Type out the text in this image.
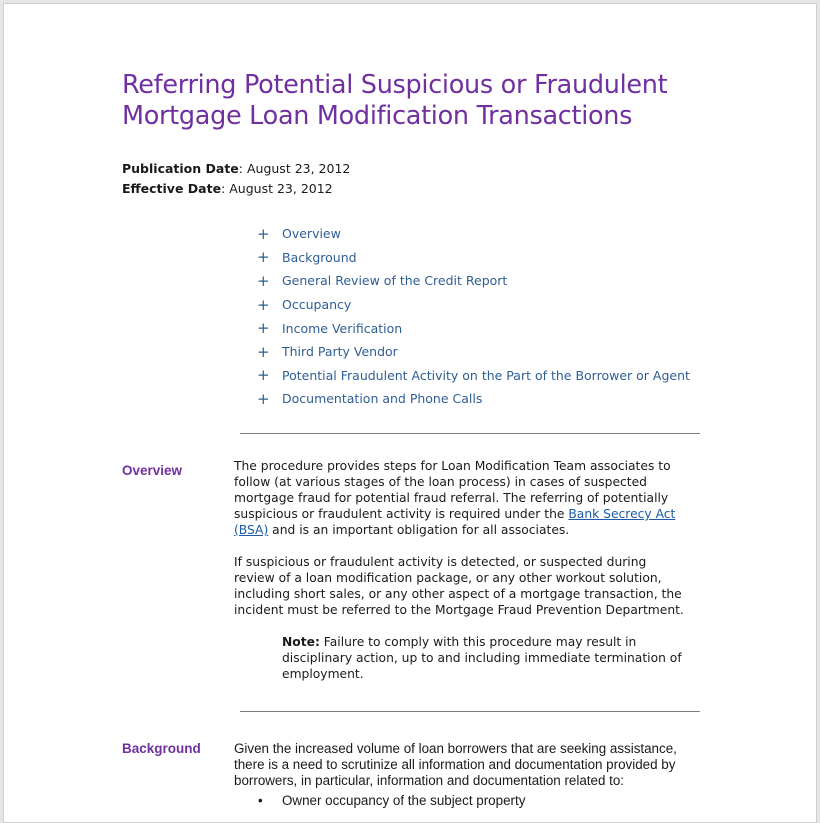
Referring Potential Suspicious or Fraudulent Mortgage Loan Modification Transactions
Publication Date: August 23, 2012
Effective Date: August 23, 2012
+ Overview
+ Background
+ General Review of the Credit Report
+ Occupancy
+ Income Verification
+ Third Party Vendor
+ Potential Fraudulent Activity on the Part of the Borrower or Agent
+ Documentation and Phone Calls
Overview	The procedure provides steps for Loan Modification Team associates to follow (at various stages of the loan process) in cases of suspected mortgage fraud for potential fraud referral. The referring of potentially suspicious or fraudulent activity is required under the Bank Secrecy Act (BSA) and is an important obligation for all associates.

If suspicious or fraudulent activity is detected, or suspected during review of a loan modification package, or any other workout solution, including short sales, or any other aspect of a mortgage transaction, the incident must be referred to the Mortgage Fraud Prevention Department.

Note: Failure to comply with this procedure may result in disciplinary action, up to and including immediate termination of employment.

Background Given the increased volume of loan borrowers that are seeking assistance, there is a need to scrutinize all information and documentation provided by borrowers, in particular, information and documentation related to:

• Owner occupancy of the subject property
